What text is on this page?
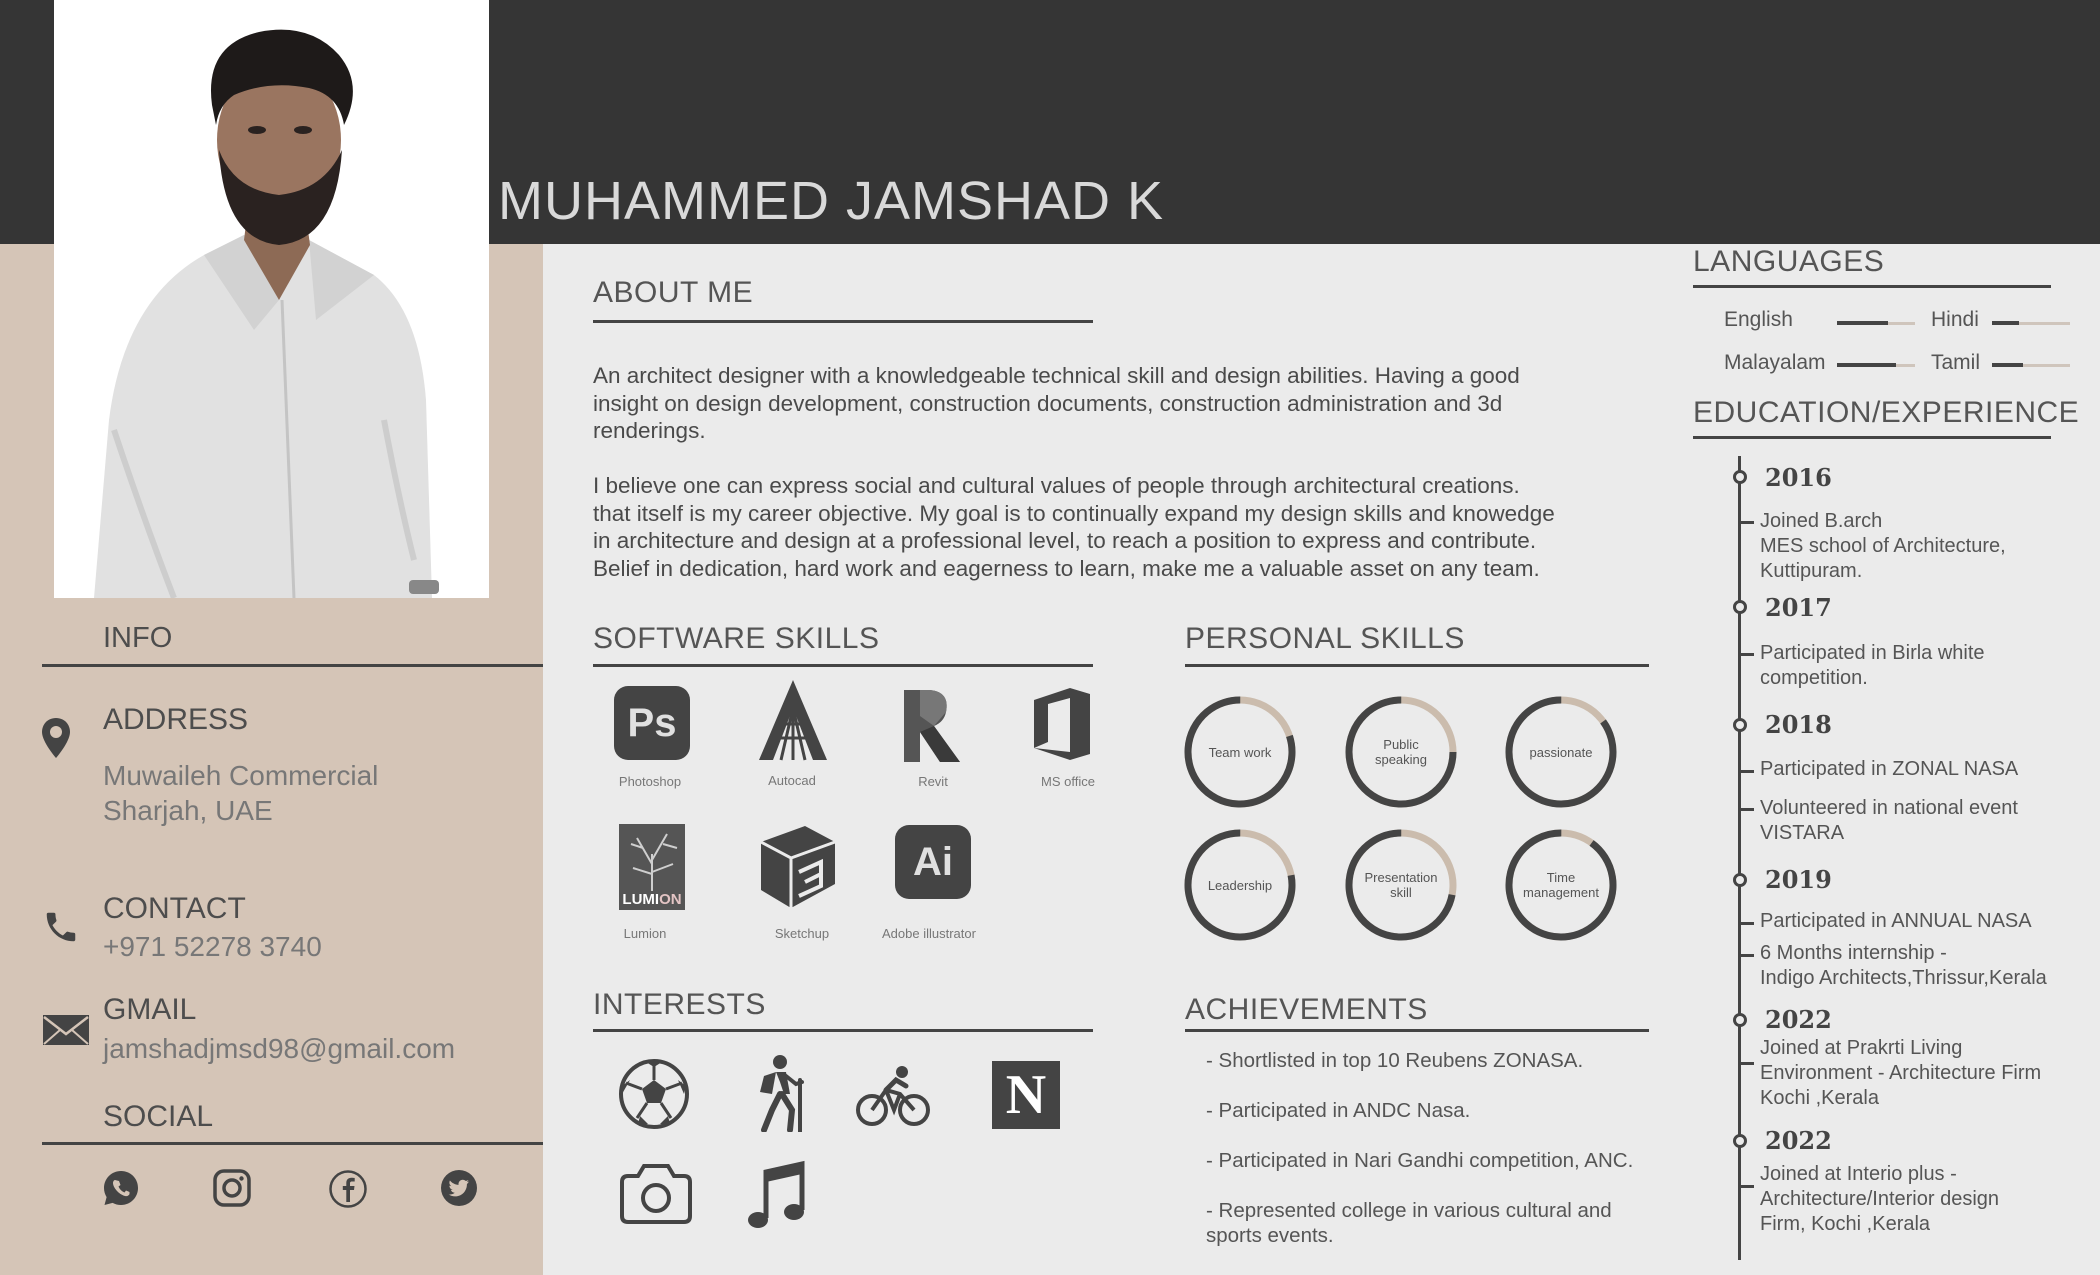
MUHAMMED JAMSHAD K
INFO
ADDRESS
Muwaileh Commercial
Sharjah, UAE
CONTACT
+971 52278 3740
GMAIL
jamshadjmsd98@gmail.com
SOCIAL
ABOUT ME
An architect designer with a knowledgeable technical skill and design abilities. Having a good
insight on design development, construction documents, construction administration and 3d
renderings.
I believe one can express social and cultural values of people through architectural creations.
that itself is my career objective. My goal is to continually expand my design skills and knowedge
in architecture and design at a professional level, to reach a position to express and contribute.
Belief in dedication, hard work and eagerness to learn, make me a valuable asset on any team.
SOFTWARE SKILLS
Ps
Photoshop	Autocad	Revit	MS office
LUMION
Lumion	Sketchup
Ai
Adobe illustrator
PERSONAL SKILLS
Team work	Public speaking	passionate
Leadership	Presentation skill
Time management
INTERESTS
N
ACHIEVEMENTS
- Shortlisted in top 10 Reubens ZONASA.
- Participated in ANDC Nasa.
- Participated in Nari Gandhi competition, ANC.
- Represented college in various cultural and
sports events.
LANGUAGES
English	Hindi
Malayalam	Tamil
EDUCATION/EXPERIENCE
2016
Joined B.arch
MES school of Architecture,
Kuttipuram.
2017
Participated in Birla white
competition.
2018
Participated in ZONAL NASA
Volunteered in national event
VISTARA
2019
Participated in ANNUAL NASA
6 Months internship -
Indigo Architects,Thrissur,Kerala
2022
Joined at Prakrti Living
Environment - Architecture Firm
Kochi ,Kerala
2022
Joined at Interio plus -
Architecture/Interior design
Firm, Kochi ,Kerala
